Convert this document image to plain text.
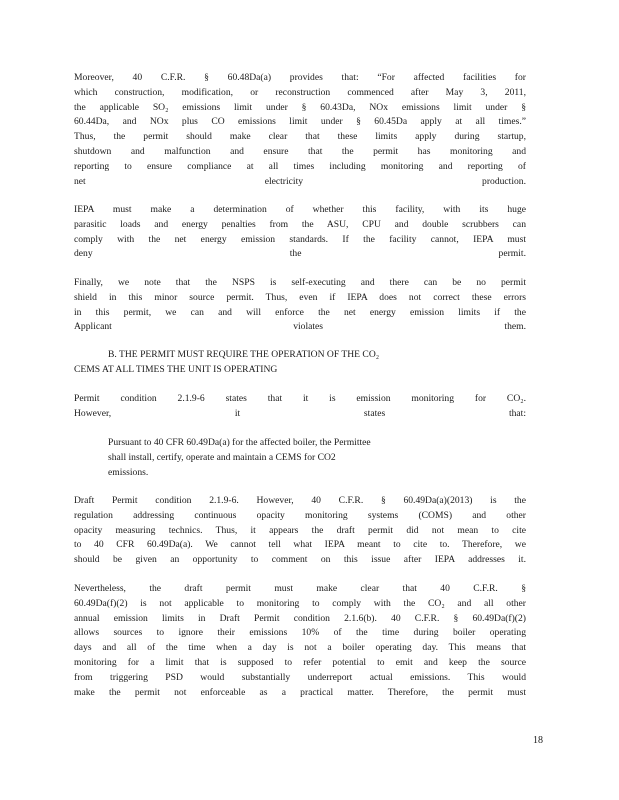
Moreover, 40 C.F.R. § 60.48Da(a) provides that: “For affected facilities for
which construction, modification, or reconstruction commenced after May 3, 2011,
the applicable SO₂ emissions limit under § 60.43Da, NOx emissions limit under §
60.44Da, and NOx plus CO emissions limit under § 60.45Da apply at all times.”
Thus, the permit should make clear that these limits apply during startup,
shutdown and malfunction and ensure that the permit has monitoring and
reporting to ensure compliance at all times including monitoring and reporting of
net electricity production.
IEPA must make a determination of whether this facility, with its huge
parasitic loads and energy penalties from the ASU, CPU and double scrubbers can
comply with the net energy emission standards. If the facility cannot, IEPA must
deny the permit.
Finally, we note that the NSPS is self-executing and there can be no permit
shield in this minor source permit. Thus, even if IEPA does not correct these errors
in this permit, we can and will enforce the net energy emission limits if the
Applicant violates them.
B. THE PERMIT MUST REQUIRE THE OPERATION OF THE CO₂
CEMS AT ALL TIMES THE UNIT IS OPERATING
Permit condition 2.1.9-6 states that it is emission monitoring for CO₂.
However, it states that:
Pursuant to 40 CFR 60.49Da(a) for the affected boiler, the Permittee
shall install, certify, operate and maintain a CEMS for CO2
emissions.
Draft Permit condition 2.1.9-6. However, 40 C.F.R. § 60.49Da(a)(2013) is the
regulation addressing continuous opacity monitoring systems (COMS) and other
opacity measuring technics. Thus, it appears the draft permit did not mean to cite
to 40 CFR 60.49Da(a). We cannot tell what IEPA meant to cite to. Therefore, we
should be given an opportunity to comment on this issue after IEPA addresses it.
Nevertheless, the draft permit must make clear that 40 C.F.R. §
60.49Da(f)(2) is not applicable to monitoring to comply with the CO₂ and all other
annual emission limits in Draft Permit condition 2.1.6(b). 40 C.F.R. § 60.49Da(f)(2)
allows sources to ignore their emissions 10% of the time during boiler operating
days and all of the time when a day is not a boiler operating day. This means that
monitoring for a limit that is supposed to refer potential to emit and keep the source
from triggering PSD would substantially underreport actual emissions. This would
make the permit not enforceable as a practical matter. Therefore, the permit must
18
